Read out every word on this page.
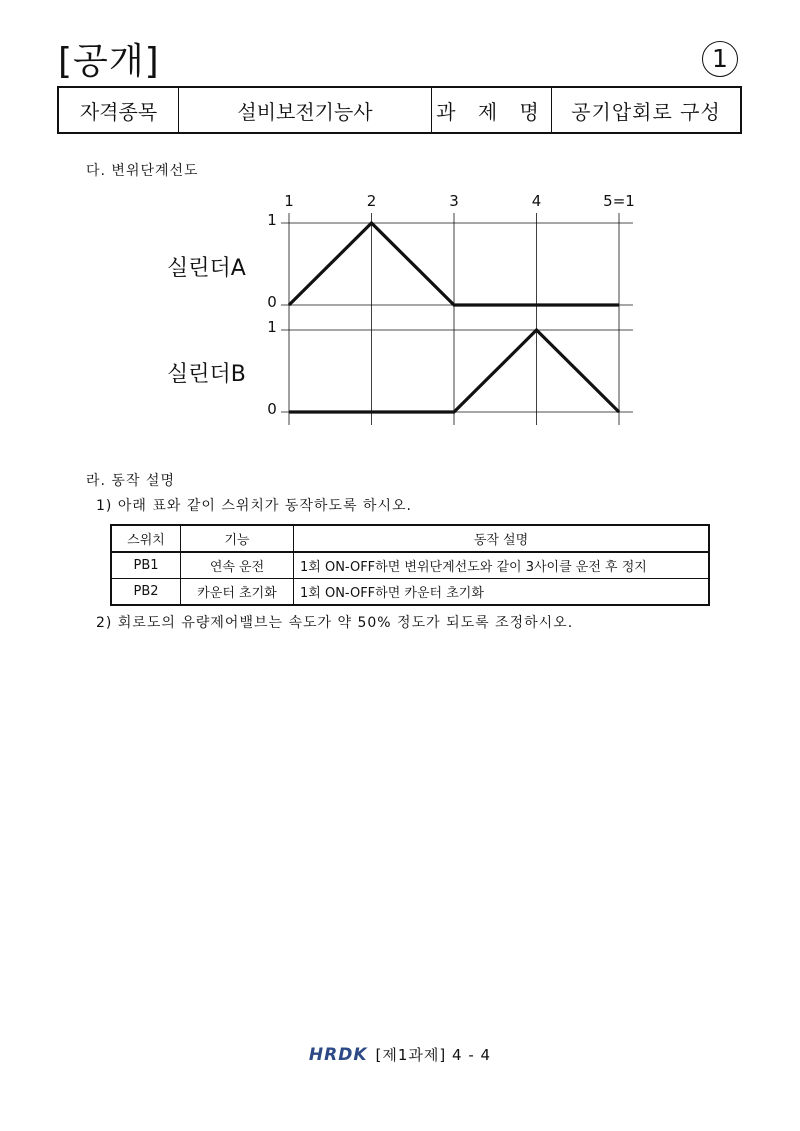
[공개]	1
자격종목	설비보전기능사	과 제 명	공기압회로 구성
다. 변위단계선도
실린더A
실린더B
1	2	3	4	5=1
1
0
1
0
라. 동작 설명
1) 아래 표와 같이 스위치가 동작하도록 하시오.
스위치	기능	동작 설명
PB1	연속 운전	1회 ON-OFF하면 변위단계선도와 같이 3사이클 운전 후 정지
PB2	카운터 초기화	1회 ON-OFF하면 카운터 초기화
2) 회로도의 유량제어밸브는 속도가 약 50% 정도가 되도록 조정하시오.
HRDK [제1과제] 4 - 4
